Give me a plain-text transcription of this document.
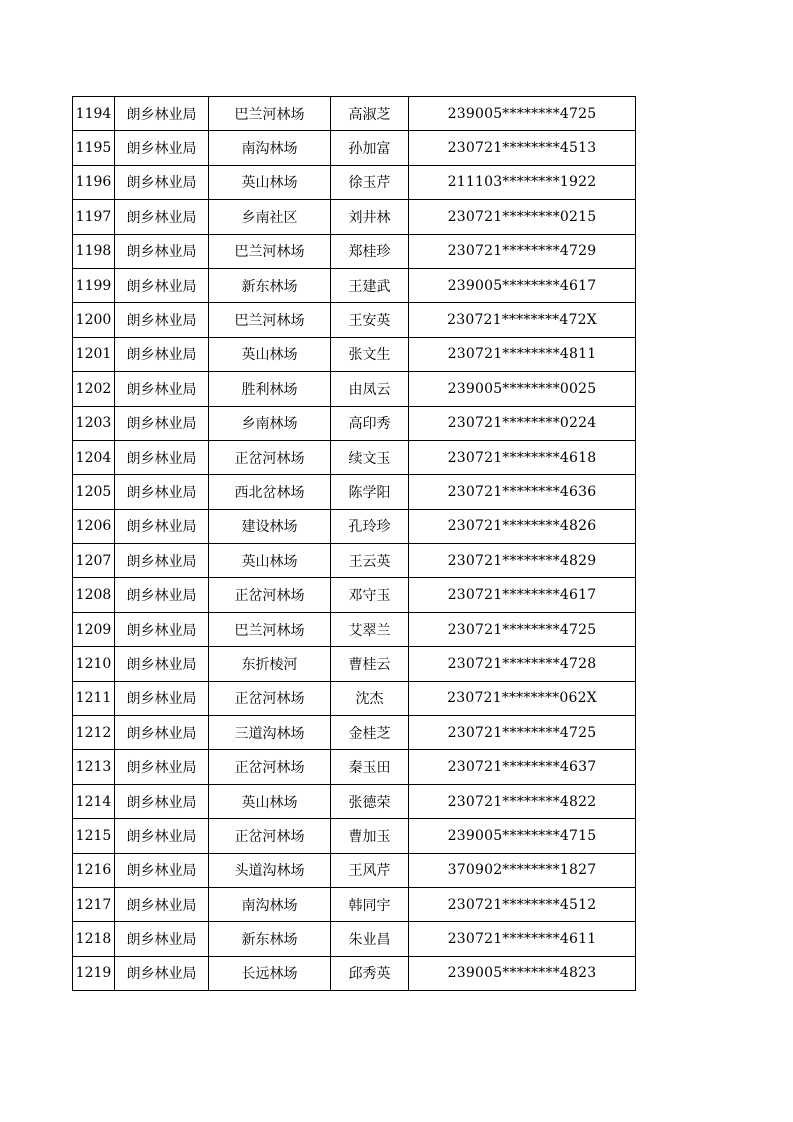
1194	朗乡林业局	巴兰河林场	高淑芝	239005********4725
1195	朗乡林业局	南沟林场	孙加富	230721********4513
1196	朗乡林业局	英山林场	徐玉芹	211103********1922
1197	朗乡林业局	乡南社区	刘井林	230721********0215
1198	朗乡林业局	巴兰河林场	郑桂珍	230721********4729
1199	朗乡林业局	新东林场	王建武	239005********4617
1200	朗乡林业局	巴兰河林场	王安英	230721********472X
1201	朗乡林业局	英山林场	张文生	230721********4811
1202	朗乡林业局	胜利林场	由凤云	239005********0025
1203	朗乡林业局	乡南林场	高印秀	230721********0224
1204	朗乡林业局	正岔河林场	续文玉	230721********4618
1205	朗乡林业局	西北岔林场	陈学阳	230721********4636
1206	朗乡林业局	建设林场	孔玲珍	230721********4826
1207	朗乡林业局	英山林场	王云英	230721********4829
1208	朗乡林业局	正岔河林场	邓守玉	230721********4617
1209	朗乡林业局	巴兰河林场	艾翠兰	230721********4725
1210	朗乡林业局	东折棱河	曹桂云	230721********4728
1211	朗乡林业局	正岔河林场	沈杰	230721********062X
1212	朗乡林业局	三道沟林场	金桂芝	230721********4725
1213	朗乡林业局	正岔河林场	秦玉田	230721********4637
1214	朗乡林业局	英山林场	张德荣	230721********4822
1215	朗乡林业局	正岔河林场	曹加玉	239005********4715
1216	朗乡林业局	头道沟林场	王风芹	370902********1827
1217	朗乡林业局	南沟林场	韩同宇	230721********4512
1218	朗乡林业局	新东林场	朱业昌	230721********4611
1219	朗乡林业局	长远林场	邱秀英	239005********4823
